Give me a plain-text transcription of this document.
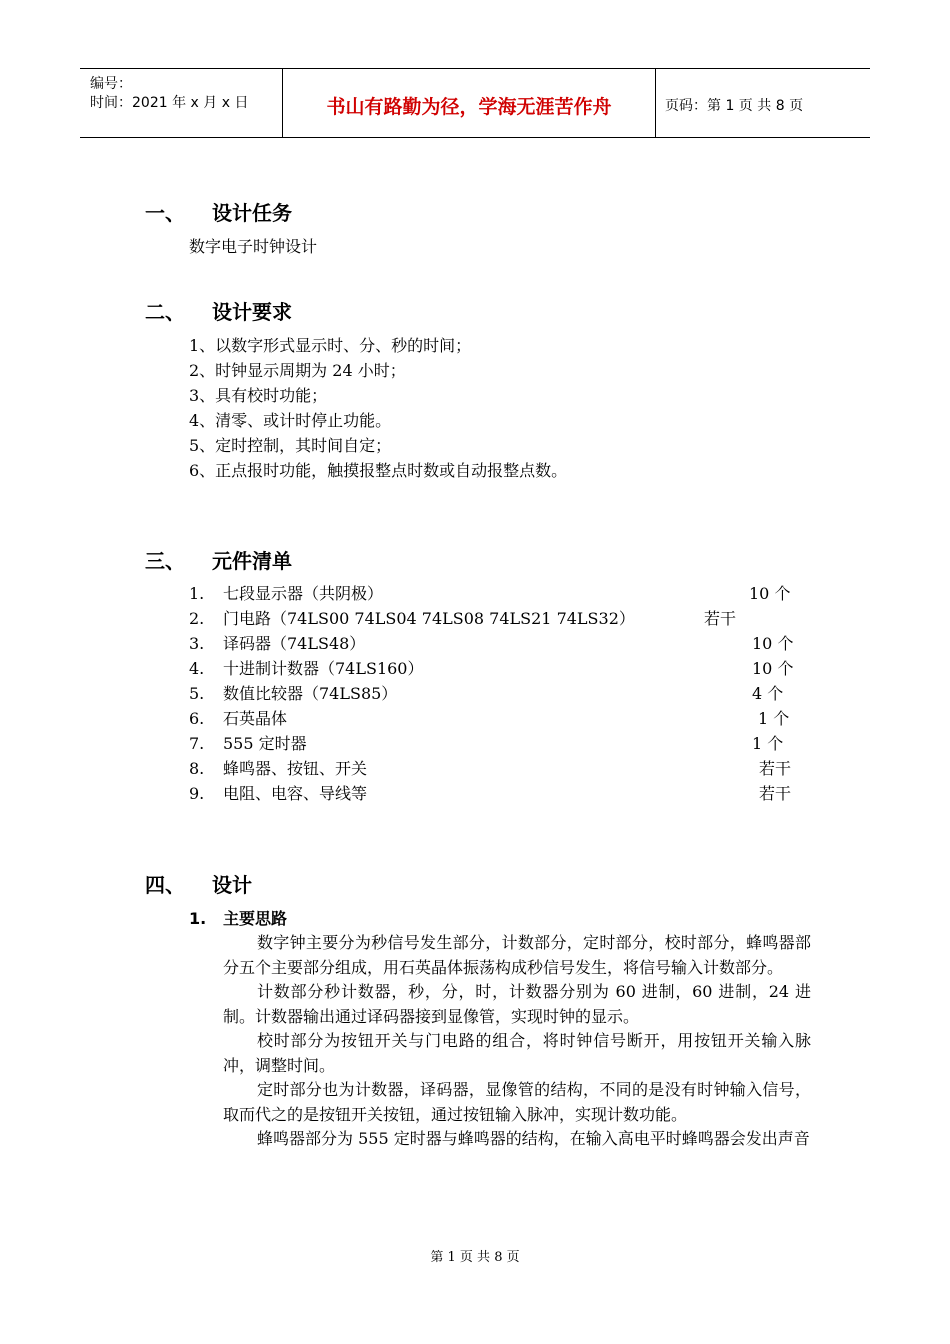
编号：
时间：2021 年 x 月 x 日	书山有路勤为径，学海无涯苦作舟	页码：第 1 页 共 8 页
一、 设计任务
数字电子时钟设计
二、 设计要求
1、以数字形式显示时、分、秒的时间；
2、时钟显示周期为 24 小时；
3、具有校时功能；
4、清零、或计时停止功能。
5、定时控制，其时间自定；
6、正点报时功能，触摸报整点时数或自动报整点数。
三、 元件清单
1. 七段显示器（共阴极）	10 个
2. 门电路（74LS00 74LS04 74LS08 74LS21 74LS32）	若干
3. 译码器（74LS48）	10 个
4. 十进制计数器（74LS160）	10 个
5. 数值比较器（74LS85）	4 个
6. 石英晶体	1 个
7. 555 定时器	1 个
8. 蜂鸣器、按钮、开关	若干
9. 电阻、电容、导线等	若干
四、 设计
1. 主要思路

数字钟主要分为秒信号发生部分，计数部分，定时部分，校时部分，蜂鸣器部分五个主要部分组成，用石英晶体振荡构成秒信号发生，将信号输入计数部分。

计数部分秒计数器，秒，分，时，计数器分别为 60 进制，60 进制，24 进制。计数器输出通过译码器接到显像管，实现时钟的显示。

校时部分为按钮开关与门电路的组合，将时钟信号断开，用按钮开关输入脉冲，调整时间。

定时部分也为计数器，译码器，显像管的结构，不同的是没有时钟输入信号，取而代之的是按钮开关按钮，通过按钮输入脉冲，实现计数功能。

蜂鸣器部分为 555 定时器与蜂鸣器的结构，在输入高电平时蜂鸣器会发出声音

第 1 页 共 8 页
